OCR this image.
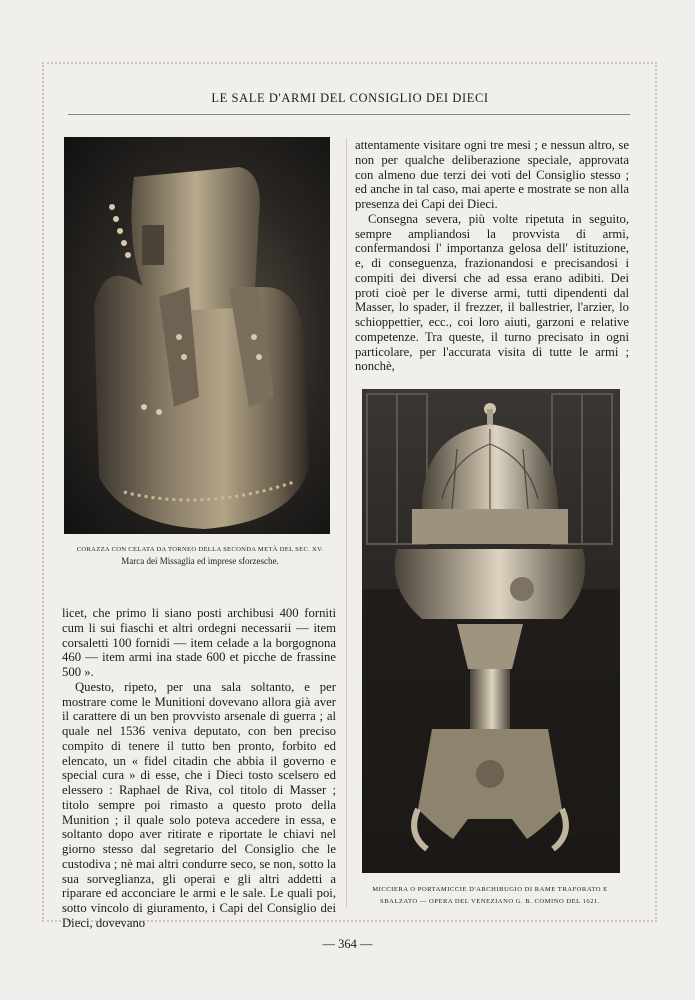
LE SALE D'ARMI DEL CONSIGLIO DEI DIECI
CORAZZA CON CELATA DA TORNEO DELLA SECONDA METÀ DEL SEC. XV.
Marca dei Missaglia ed imprese sforzesche.

attentamente visitare ogni tre mesi ; e nessun altro, se non per qualche deliberazione speciale, approvata con almeno due terzi dei voti del Consiglio stesso ; ed anche in tal caso, mai aperte e mostrate se non alla presenza dei Capi dei Dieci.

Consegna severa, più volte ripetuta in seguito, sempre ampliandosi la provvista di armi, confermandosi l' importanza gelosa dell' istituzione, e, di conseguenza, frazionandosi e precisandosi i compiti dei diversi che ad essa erano adibiti. Dei proti cioè per le diverse armi, tutti dipendenti dal Masser, lo spader, il frezzer, il ballestrier, l'arzier, lo schioppettier, ecc., coi loro aiuti, garzoni e relative competenze. Tra queste, il turno precisato in ogni particolare, per l'accurata visita di tutte le armi ; nonchè,

MICCIERA O PORTAMICCIE D'ARCHIBUGIO DI RAME TRAFORATO E
SBALZATO — OPERA DEL VENEZIANO G. B. COMINO DEL 1621.

licet, che primo li siano posti archibusi 400 forniti cum li sui fiaschi et altri ordegni necessarii — item corsaletti 100 fornidi — item celade a la borgognona 460 — item armi ina stade 600 et picche de frassine 500 ».

Questo, ripeto, per una sala soltanto, e per mostrare come le Munitioni dovevano allora già aver il carattere di un ben provvisto arsenale di guerra ; al quale nel 1536 veniva deputato, con ben preciso compito di tenere il tutto ben pronto, forbito ed elencato, un « fidel citadin che abbia il governo e special cura » di esse, che i Dieci tosto scelsero ed elessero : Raphael de Riva, col titolo di Masser ; titolo sempre poi rimasto a questo proto della Munition ; il quale solo poteva accedere in essa, e soltanto dopo aver ritirate e riportate le chiavi nel giorno stesso dal segretario del Consiglio che le custodiva ; nè mai altri condurre seco, se non, sotto la sua sorveglianza, gli operai e gli altri addetti a riparare ed acconciare le armi e le sale. Le quali poi, sotto vincolo di giuramento, i Capi del Consiglio dei Dieci, dovevano

— 364 —
